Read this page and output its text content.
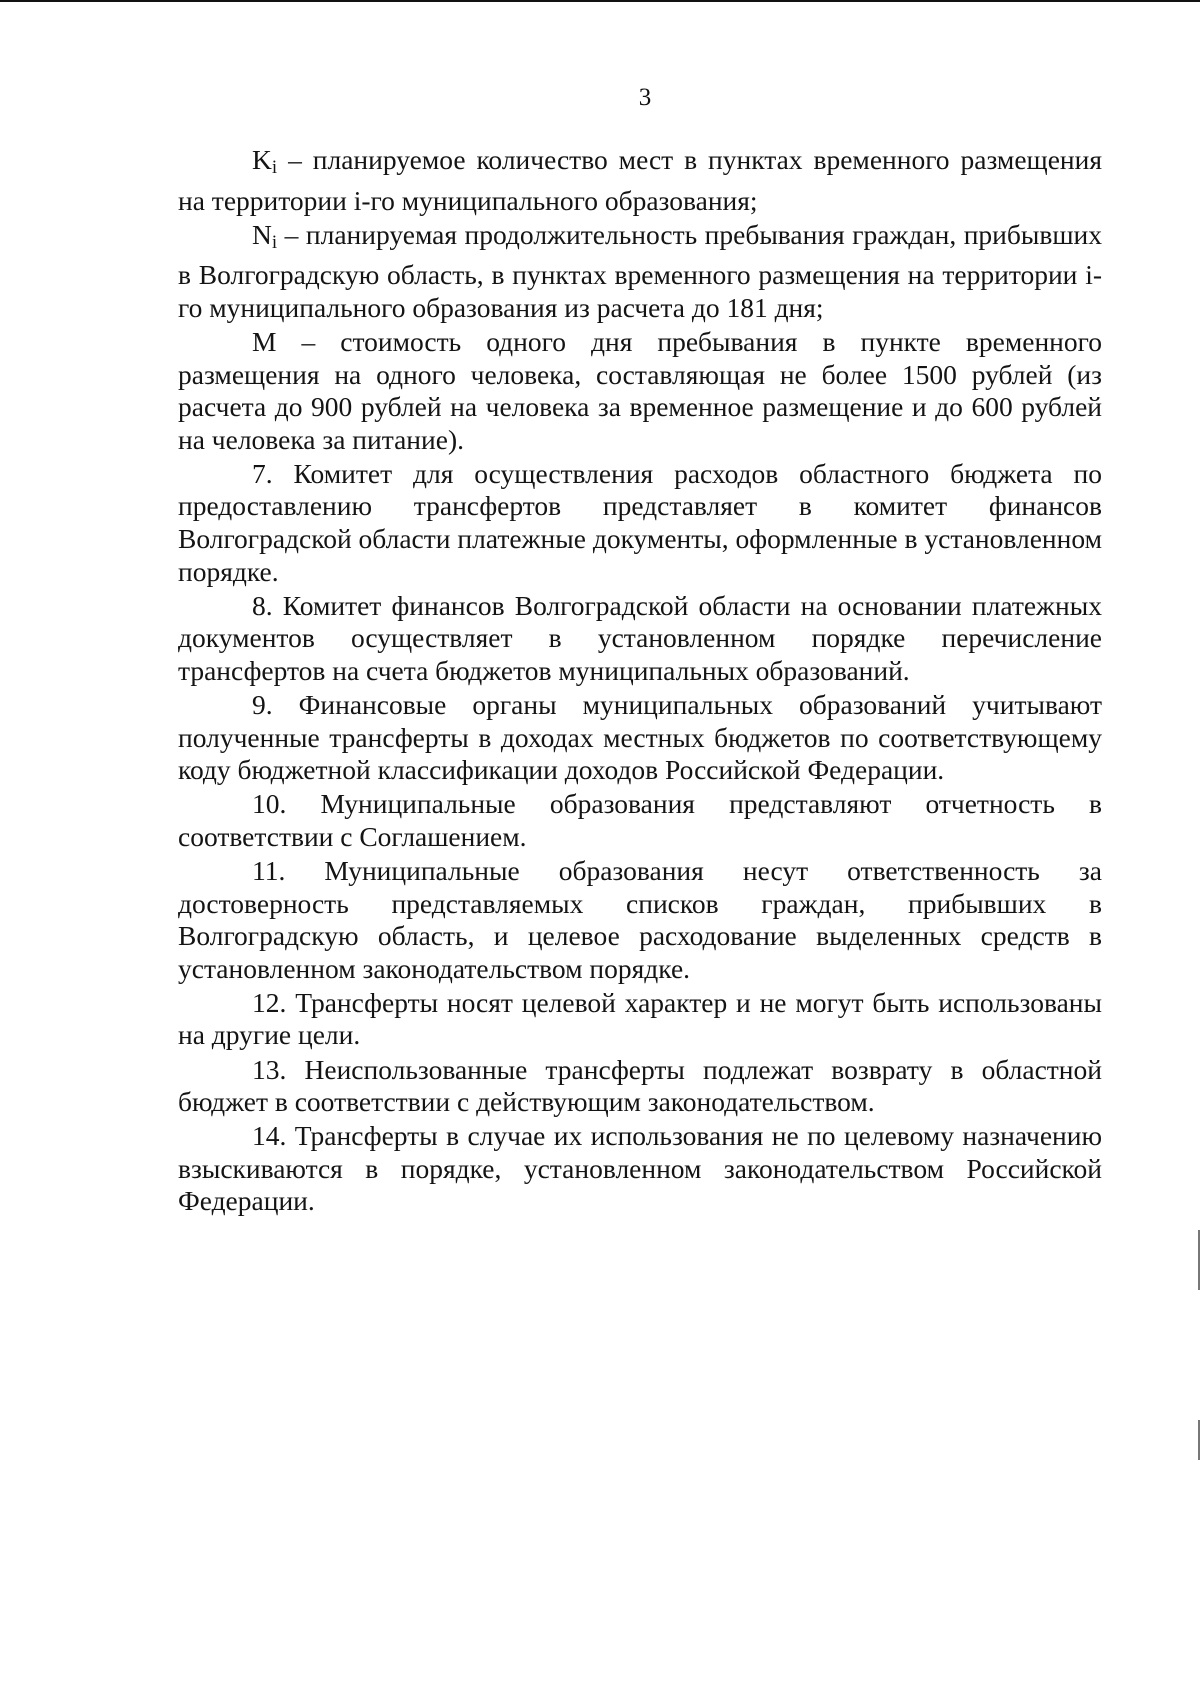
3

$K_i$ – планируемое количество мест в пунктах временного размещения на территории i-го муниципального образования;

$N_i$ – планируемая продолжительность пребывания граждан, прибывших в Волгоградскую область, в пунктах временного размещения на территории i-го муниципального образования из расчета до 181 дня;

М – стоимость одного дня пребывания в пункте временного размещения на одного человека, составляющая не более 1500 рублей (из расчета до 900 рублей на человека за временное размещение и до 600 рублей на человека за питание).

7. Комитет для осуществления расходов областного бюджета по предоставлению трансфертов представляет в комитет финансов Волгоградской области платежные документы, оформленные в установленном порядке.

8. Комитет финансов Волгоградской области на основании платежных документов осуществляет в установленном порядке перечисление трансфертов на счета бюджетов муниципальных образований.

9. Финансовые органы муниципальных образований учитывают полученные трансферты в доходах местных бюджетов по соответствующему коду бюджетной классификации доходов Российской Федерации.

10. Муниципальные образования представляют отчетность в соответствии с Соглашением.

11. Муниципальные образования несут ответственность за достоверность представляемых списков граждан, прибывших в Волгоградскую область, и целевое расходование выделенных средств в установленном законодательством порядке.

12. Трансферты носят целевой характер и не могут быть использованы на другие цели.

13. Неиспользованные трансферты подлежат возврату в областной бюджет в соответствии с действующим законодательством.

14. Трансферты в случае их использования не по целевому назначению взыскиваются в порядке, установленном законодательством Российской Федерации.
